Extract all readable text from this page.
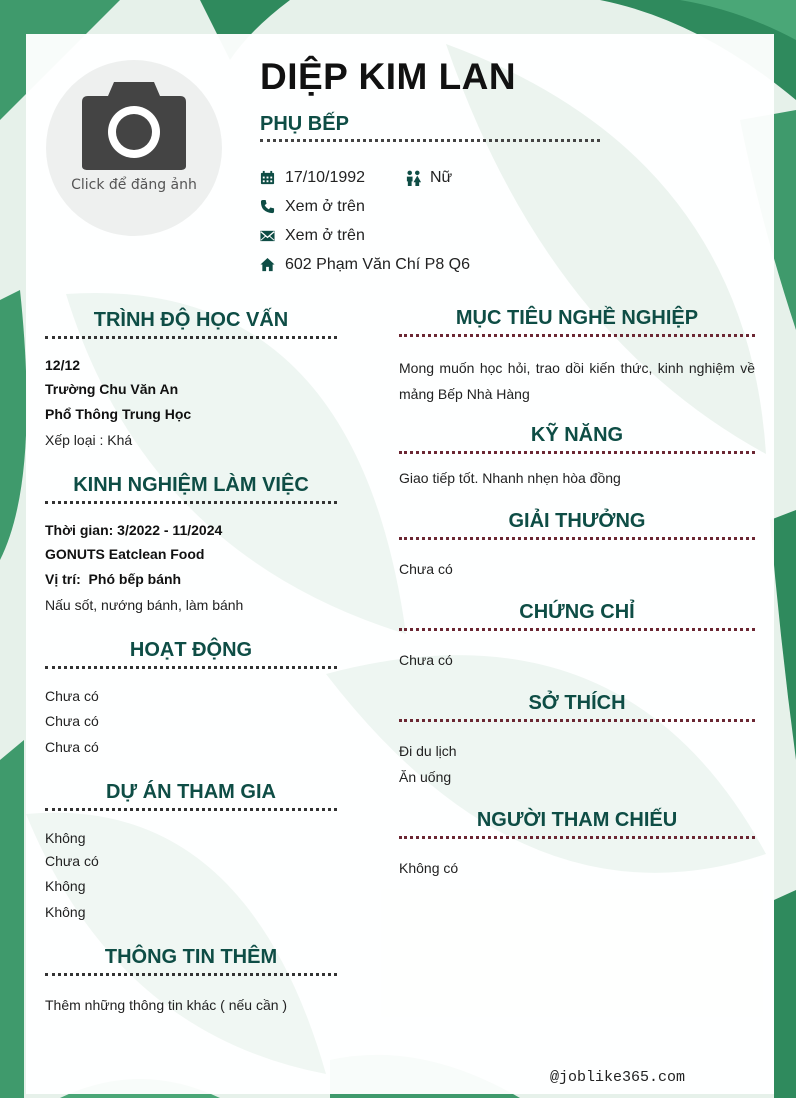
Click để đăng ảnh
DIỆP KIM LAN
PHỤ BẾP
17/10/1992	Nữ
Xem ở trên
Xem ở trên
602 Phạm Văn Chí P8 Q6
TRÌNH ĐỘ HỌC VẤN
12/12
Trường Chu Văn An
Phổ Thông Trung Học
Xếp loại : Khá
KINH NGHIỆM LÀM VIỆC
Thời gian: 3/2022 - 11/2024
GONUTS Eatclean Food
Vị trí:  Phó bếp bánh
Nấu sốt, nướng bánh, làm bánh
HOẠT ĐỘNG
Chưa có
Chưa có
Chưa có
DỰ ÁN THAM GIA
Không
Chưa có
Không
Không
THÔNG TIN THÊM
Thêm những thông tin khác ( nếu cần )
MỤC TIÊU NGHỀ NGHIỆP
Mong muốn học hỏi, trao dồi kiến thức, kinh nghiệm về mảng Bếp Nhà Hàng
KỸ NĂNG
Giao tiếp tốt. Nhanh nhẹn hòa đồng
GIẢI THƯỞNG
Chưa có
CHỨNG CHỈ
Chưa có
SỞ THÍCH
Đi du lịch
Ăn uống
NGƯỜI THAM CHIẾU
Không có
@joblike365.com
